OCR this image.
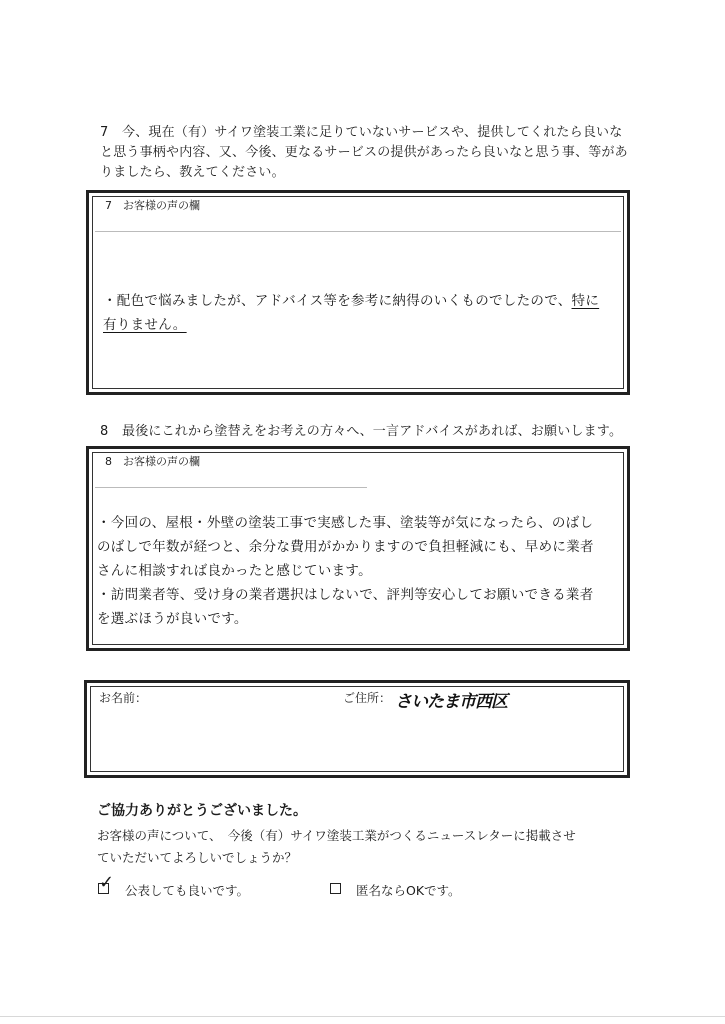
7 今、現在（有）サイワ塗装工業に足りていないサービスや、提供してくれたら良いなと思う事柄や内容、又、今後、更なるサービスの提供があったら良いなと思う事、等がありましたら、教えてください。
7　お客様の声の欄
・配色で悩みましたが、アドバイス等を参考に納得のいくものでしたので、特に
有りません。
8 最後にこれから塗替えをお考えの方々へ、一言アドバイスがあれば、お願いします。
8　お客様の声の欄
・今回の、屋根・外壁の塗装工事で実感した事、塗装等が気になったら、のばし
のばしで年数が経つと、余分な費用がかかりますので負担軽減にも、早めに業者
さんに相談すれば良かったと感じています。
・訪問業者等、受け身の業者選択はしないで、評判等安心してお願いできる業者
を選ぶほうが良いです。
お名前：	ご住所： さいたま市西区
ご協力ありがとうございました。
お客様の声について、　今後（有）サイワ塗装工業がつくるニュースレターに掲載させ
ていただいてよろしいでしょうか？
✓ 公表しても良いです。	匿名ならOKです。
